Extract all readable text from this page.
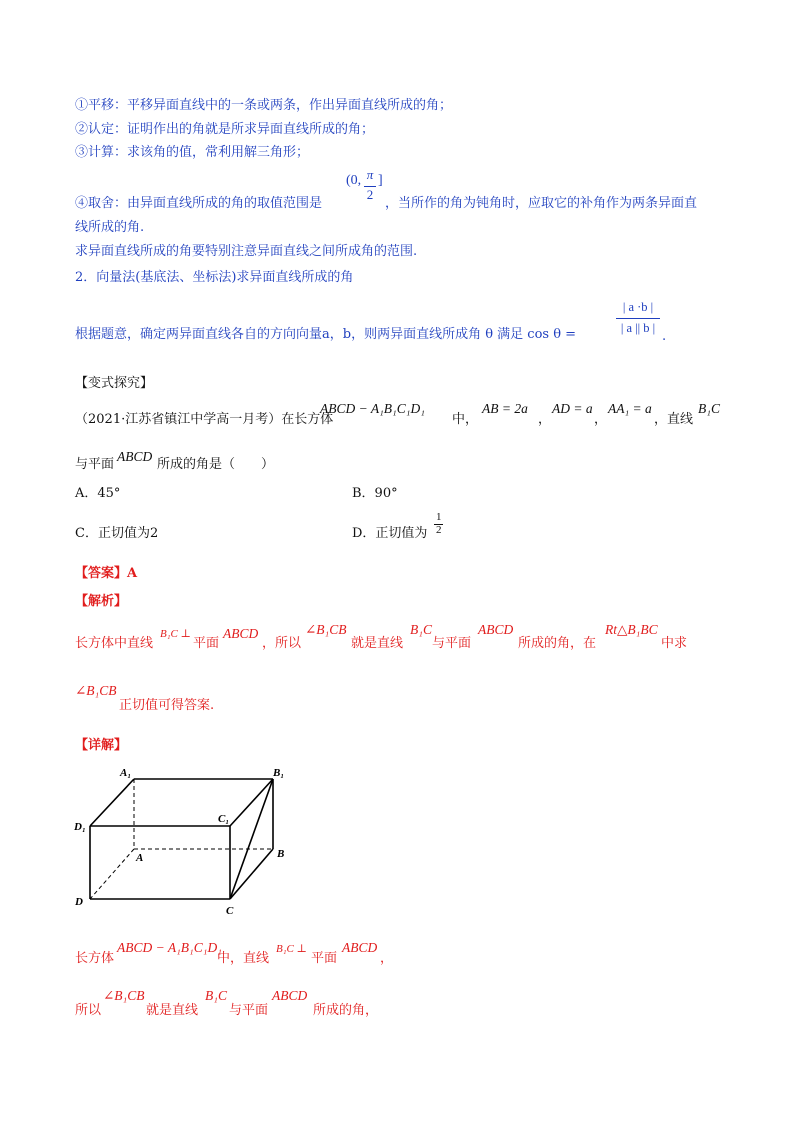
①平移：平移异面直线中的一条或两条，作出异面直线所成的角；
②认定：证明作出的角就是所求异面直线所成的角；
③计算：求该角的值，常利用解三角形；
(0, π
2
]
④取舍：由异面直线所成的角的取值范围是	，当所作的角为钝角时，应取它的补角作为两条异面直
线所成的角.
求异面直线所成的角要特别注意异面直线之间所成角的范围.
2．向量法(基底法、坐标法)求异面直线所成的角
根据题意，确定两异面直线各自的方向向量a，b，则两异面直线所成角 θ 满足 cos θ =
| a ·b |
| a || b |
.
【变式探究】
（2021·江苏省镇江中学高一月考）在长方体
ABCD − A₁B₁C₁D₁
中，
AB = 2a
，
AD = a
，
AA₁ = a
，直线
B₁C
与平面
ABCD
所成的角是（　　）
A．45°	B．90°
C．正切值为2	D．正切值为
1
2
【答案】A
【解析】
长方体中直线
B₁C ⊥
平面
ABCD
，所以
∠B₁CB
就是直线
B₁C
与平面
ABCD
所成的角，在
Rt△B₁BC
中求
∠B₁CB
正切值可得答案.
【详解】
A₁	B₁
C₁
D₁
A	B
C
D
长方体
ABCD − A₁B₁C₁D₁
中，直线
B₁C ⊥
平面
ABCD
，
所以
∠B₁CB
就是直线
B₁C
与平面
ABCD
所成的角，
